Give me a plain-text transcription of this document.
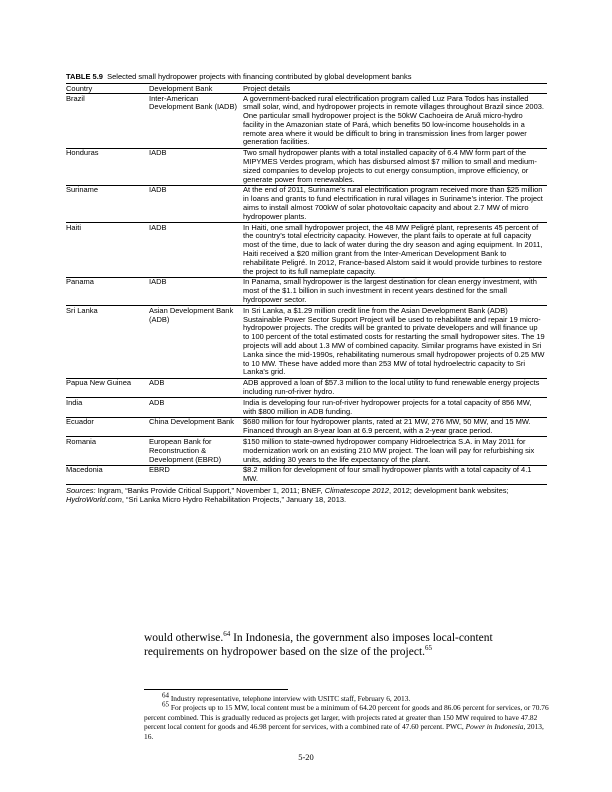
TABLE 5.9 Selected small hydropower projects with financing contributed by global development banks
Country	Development Bank	Project details
Brazil	Inter-American Development Bank (IADB)	A government-backed rural electrification program called Luz Para Todos has installed small solar, wind, and hydropower projects in remote villages throughout Brazil since 2003. One particular small hydropower project is the 50kW Cachoeira de Aruã micro-hydro facility in the Amazonian state of Pará, which benefits 50 low-income households in a remote area where it would be difficult to bring in transmission lines from larger power generation facilities.
Honduras	IADB	Two small hydropower plants with a total installed capacity of 6.4 MW form part of the MIPYMES Verdes program, which has disbursed almost $7 million to small and medium-sized companies to develop projects to cut energy consumption, improve efficiency, or generate power from renewables.
Suriname	IADB	At the end of 2011, Suriname’s rural electrification program received more than $25 million in loans and grants to fund electrification in rural villages in Suriname’s interior. The project aims to install almost 700kW of solar photovoltaic capacity and about 2.7 MW of micro hydropower plants.
Haiti	IADB	In Haiti, one small hydropower project, the 48 MW Peligré plant, represents 45 percent of the country’s total electricity capacity. However, the plant fails to operate at full capacity most of the time, due to lack of water during the dry season and aging equipment. In 2011, Haiti received a $20 million grant from the Inter-American Development Bank to rehabilitate Peligré. In 2012, France-based Alstom said it would provide turbines to restore the project to its full nameplate capacity.
Panama	IADB	In Panama, small hydropower is the largest destination for clean energy investment, with most of the $1.1 billion in such investment in recent years destined for the small hydropower sector.
Sri Lanka	Asian Development Bank (ADB)	In Sri Lanka, a $1.29 million credit line from the Asian Development Bank (ADB) Sustainable Power Sector Support Project will be used to rehabilitate and repair 19 micro-hydropower projects. The credits will be granted to private developers and will finance up to 100 percent of the total estimated costs for restarting the small hydropower sites. The 19 projects will add about 1.3 MW of combined capacity. Similar programs have existed in Sri Lanka since the mid-1990s, rehabilitating numerous small hydropower projects of 0.25 MW to 10 MW. These have added more than 253 MW of total hydroelectric capacity to Sri Lanka's grid.
Papua New Guinea	ADB	ADB approved a loan of $57.3 million to the local utility to fund renewable energy projects including run-of-river hydro.
India	ADB	India is developing four run-of-river hydropower projects for a total capacity of 856 MW, with $800 million in ADB funding.
Ecuador	China Development Bank	$680 million for four hydropower plants, rated at 21 MW, 276 MW, 50 MW, and 15 MW. Financed through an 8-year loan at 6.9 percent, with a 2-year grace period.
Romania	European Bank for Reconstruction & Development (EBRD)	$150 million to state-owned hydropower company Hidroelectrica S.A. in May 2011 for modernization work on an existing 210 MW project. The loan will pay for refurbishing six units, adding 30 years to the life expectancy of the plant.
Macedonia	EBRD	$8.2 million for development of four small hydropower plants with a total capacity of 4.1 MW.
Sources: Ingram, “Banks Provide Critical Support,” November 1, 2011; BNEF, Climatescope 2012, 2012; development bank websites; HydroWorld.com, “Sri Lanka Micro Hydro Rehabilitation Projects,” January 18, 2013.
would otherwise.$^{64}$ In Indonesia, the government also imposes local-content requirements on hydropower based on the size of the project.$^{65}$

$^{64}$ Industry representative, telephone interview with USITC staff, February 6, 2013.

$^{65}$ For projects up to 15 MW, local content must be a minimum of 64.20 percent for goods and 86.06 percent for services, or 70.76 percent combined. This is gradually reduced as projects get larger, with projects rated at greater than 150 MW required to have 47.82 percent local content for goods and 46.98 percent for services, with a combined rate of 47.60 percent. PWC, Power in Indonesia, 2013, 16.

5-20
